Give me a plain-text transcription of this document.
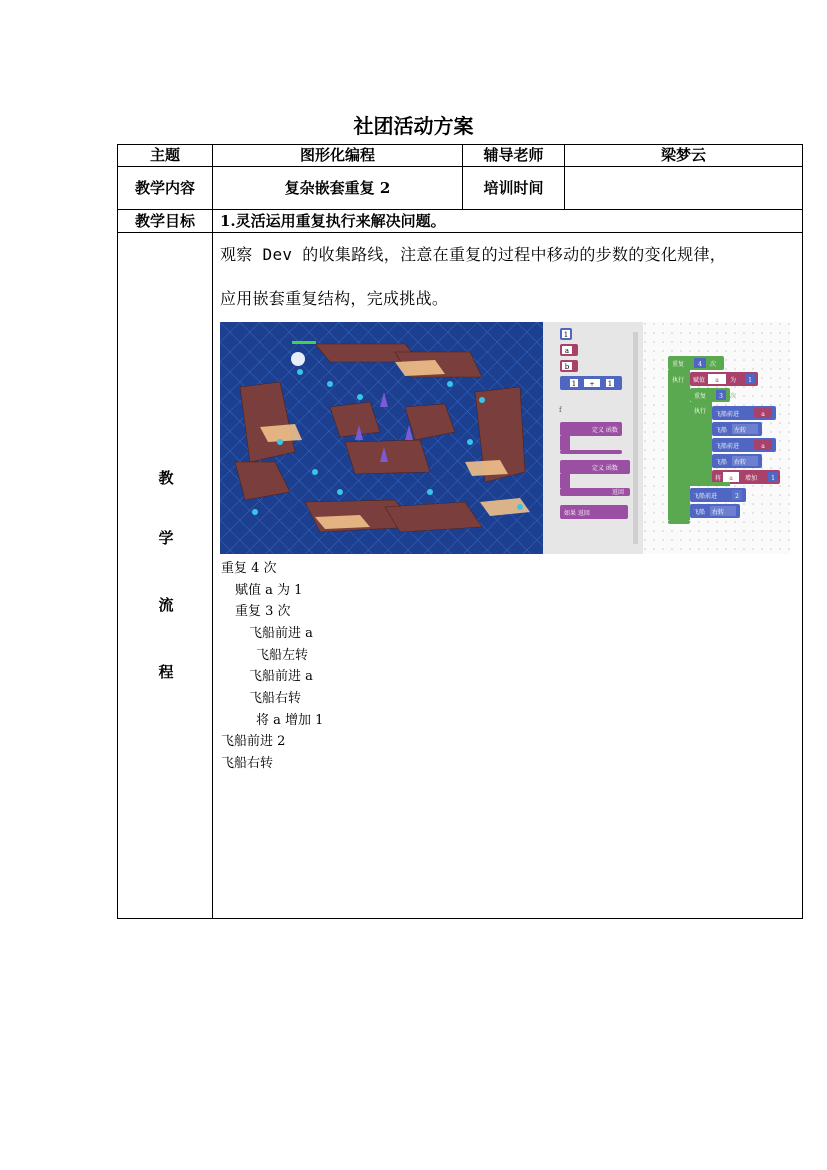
社团活动方案
主题	图形化编程	辅导老师	梁梦云
教学内容	复杂嵌套重复 2	培训时间
教学目标	1.灵活运用重复执行来解决问题。
教
学
流
程
观察 Dev 的收集路线，注意在重复的过程中移动的步数的变化规律，
应用嵌套重复结构，完成挑战。
1
a
b
1 + 1
f
定义 函数
定义 函数
返回
如果 返回
重复 4 次
执行 赋值 a 为 1
重复 3 次
执行 飞船前进	a
飞船 左转
飞船前进	a
飞船 右转
将 a 增加 1
飞船前进	2
飞船 右转
重复 4 次
赋值 a 为 1
重复 3 次
飞船前进 a
飞船左转
飞船前进 a
飞船右转
将 a 增加 1
飞船前进 2
飞船右转
